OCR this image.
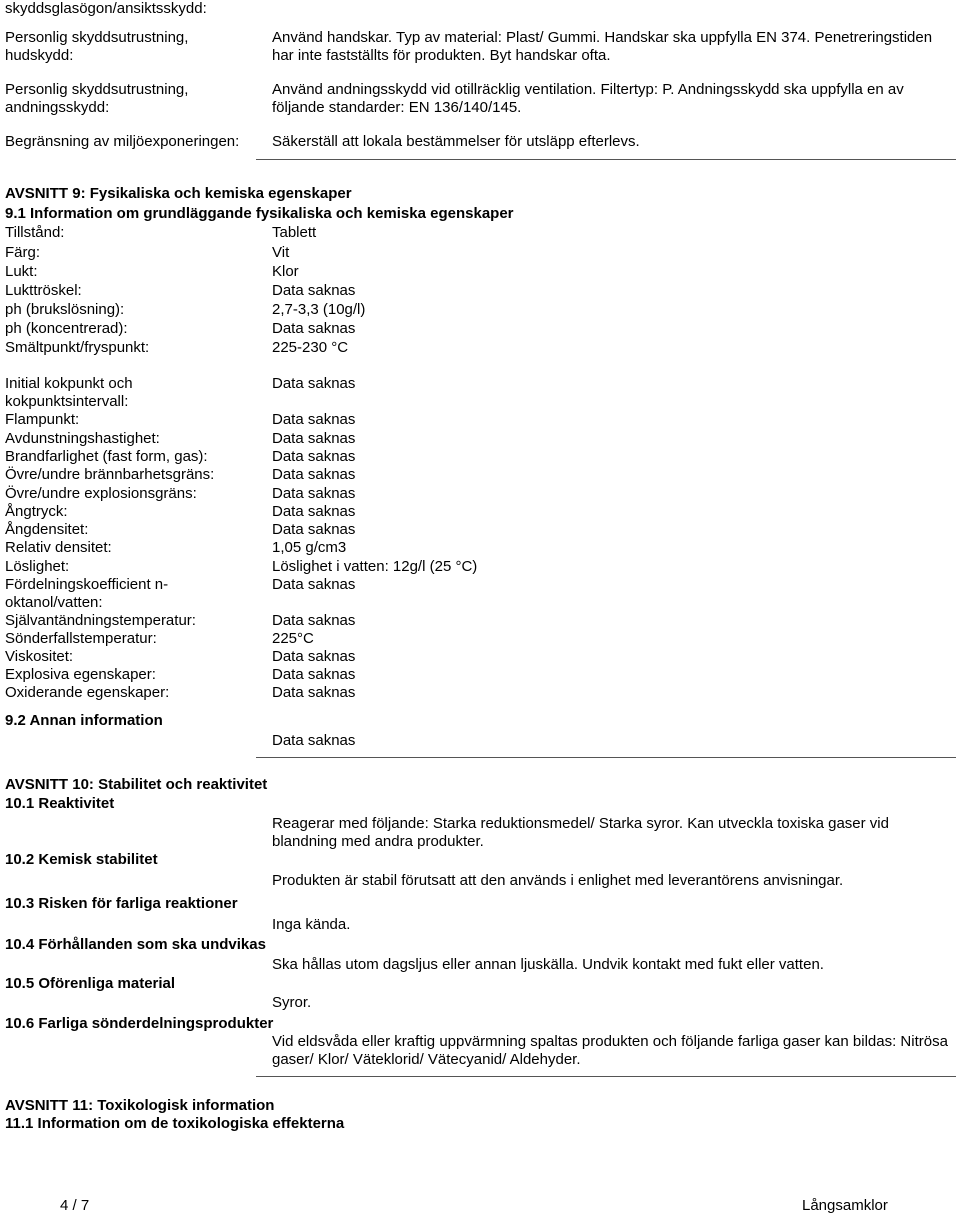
skyddsglasögon/ansiktsskydd:
Personlig skyddsutrustning, hudskydd:
Använd handskar. Typ av material: Plast/ Gummi. Handskar ska uppfylla EN 374. Penetreringstiden har inte fastställts för produkten. Byt handskar ofta.
Personlig skyddsutrustning, andningsskydd:
Använd andningsskydd vid otillräcklig ventilation. Filtertyp: P. Andningsskydd ska uppfylla en av följande standarder: EN 136/140/145.
Begränsning av miljöexponeringen: Säkerställ att lokala bestämmelser för utsläpp efterlevs.
AVSNITT 9: Fysikaliska och kemiska egenskaper
9.1 Information om grundläggande fysikaliska och kemiska egenskaper
Tillstånd:	Tablett
Färg:	Vit
Lukt:	Klor
Lukttröskel:	Data saknas
ph (brukslösning):	2,7-3,3 (10g/l)
ph (koncentrerad):	Data saknas
Smältpunkt/fryspunkt:	225-230 °C
Initial kokpunkt och kokpunktsintervall:
Data saknas
Flampunkt:	Data saknas
Avdunstningshastighet:	Data saknas
Brandfarlighet (fast form, gas):	Data saknas
Övre/undre brännbarhetsgräns:	Data saknas
Övre/undre explosionsgräns:	Data saknas
Ångtryck:	Data saknas
Ångdensitet:	Data saknas
Relativ densitet:	1,05 g/cm3
Löslighet:	Löslighet i vatten: 12g/l (25 °C)
Fördelningskoefficient n-oktanol/vatten:
Data saknas
Självantändningstemperatur:	Data saknas
Sönderfallstemperatur:	225°C
Viskositet:	Data saknas
Explosiva egenskaper:	Data saknas
Oxiderande egenskaper:	Data saknas
9.2 Annan information
Data saknas
AVSNITT 10: Stabilitet och reaktivitet
10.1 Reaktivitet
Reagerar med följande: Starka reduktionsmedel/ Starka syror. Kan utveckla toxiska gaser vid blandning med andra produkter.
10.2 Kemisk stabilitet
Produkten är stabil förutsatt att den används i enlighet med leverantörens anvisningar.
10.3 Risken för farliga reaktioner
Inga kända.
10.4 Förhållanden som ska undvikas
Ska hållas utom dagsljus eller annan ljuskälla. Undvik kontakt med fukt eller vatten.
10.5 Oförenliga material
Syror.
10.6 Farliga sönderdelningsprodukter
Vid eldsvåda eller kraftig uppvärmning spaltas produkten och följande farliga gaser kan bildas: Nitrösa gaser/ Klor/ Väteklorid/ Vätecyanid/ Aldehyder.
AVSNITT 11: Toxikologisk information
11.1 Information om de toxikologiska effekterna
4 / 7	Långsamklor
